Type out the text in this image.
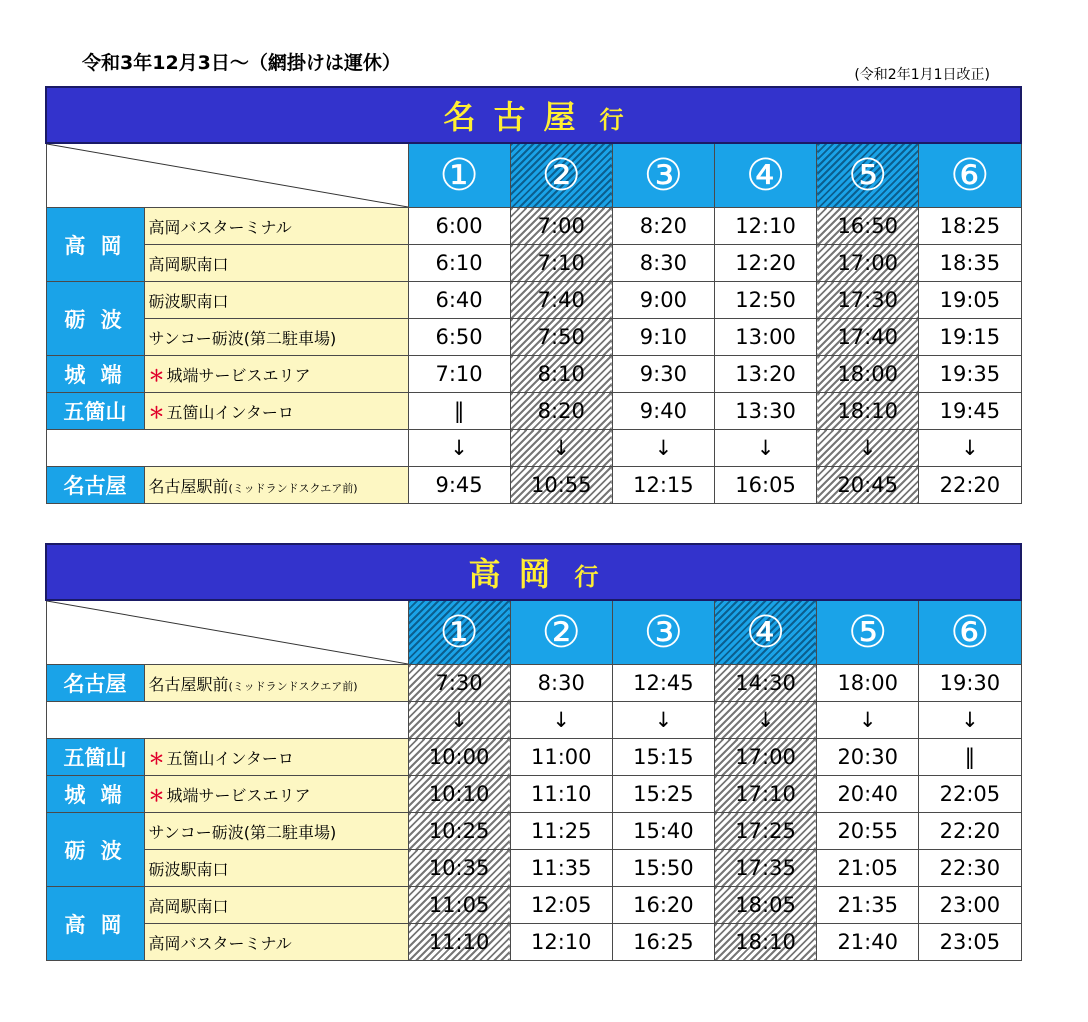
令和3年12月3日～（網掛けは運休）
(令和2年1月1日改正)
名古屋 行							

	①	②	③	④	⑤	⑥
高 岡	高岡バスターミナル	6:00	7:00	8:20	12:10	16:50	18:25
	高岡駅南口	6:10	7:10	8:30	12:20	17:00	18:35
砺 波	砺波駅南口	6:40	7:40	9:00	12:50	17:30	19:05
	サンコー砺波(第二駐車場)	6:50	7:50	9:10	13:00	17:40	19:15
城 端	＊ 城端サービスエリア	7:10	8:10	9:30	13:20	18:00	19:35
五箇山	＊ 五箇山インターロ	‖	8:20	9:40	13:30	18:10	19:45
		↓	↓	↓	↓	↓	↓
名古屋	名古屋駅前(ミッドランドスクエア前)	9:45	10:55	12:15	16:05	20:45	22:20
高岡 行							

	①	②	③	④	⑤	⑥
名古屋	名古屋駅前(ミッドランドスクエア前)	7:30	8:30	12:45	14:30	18:00	19:30
		↓	↓	↓	↓	↓	↓
五箇山	＊ 五箇山インターロ	10:00	11:00	15:15	17:00	20:30	‖
城 端	＊ 城端サービスエリア	10:10	11:10	15:25	17:10	20:40	22:05
砺 波	サンコー砺波(第二駐車場)	10:25	11:25	15:40	17:25	20:55	22:20
	砺波駅南口	10:35	11:35	15:50	17:35	21:05	22:30
高 岡	高岡駅南口	11:05	12:05	16:20	18:05	21:35	23:00
	高岡バスターミナル	11:10	12:10	16:25	18:10	21:40	23:05
